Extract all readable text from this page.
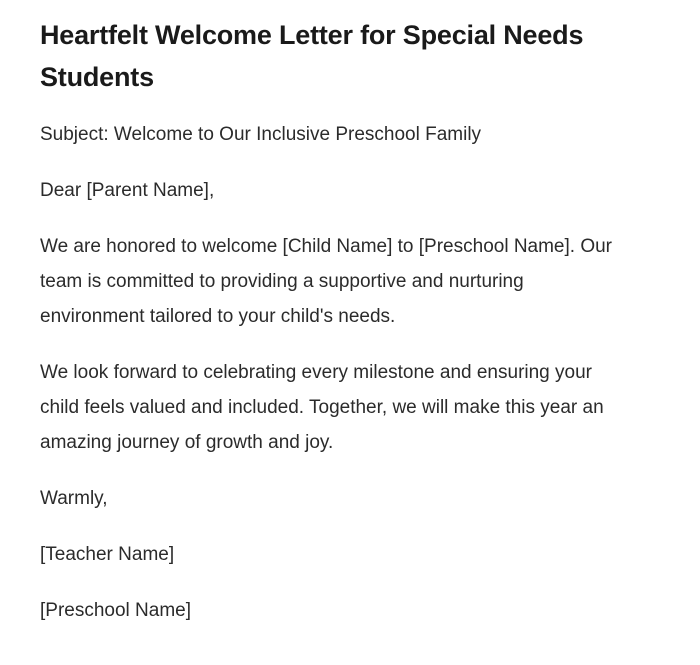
Heartfelt Welcome Letter for Special Needs Students

Subject: Welcome to Our Inclusive Preschool Family

Dear [Parent Name],

We are honored to welcome [Child Name] to [Preschool Name]. Our team is committed to providing a supportive and nurturing environment tailored to your child's needs.

We look forward to celebrating every milestone and ensuring your child feels valued and included. Together, we will make this year an amazing journey of growth and joy.

Warmly,

[Teacher Name]

[Preschool Name]
